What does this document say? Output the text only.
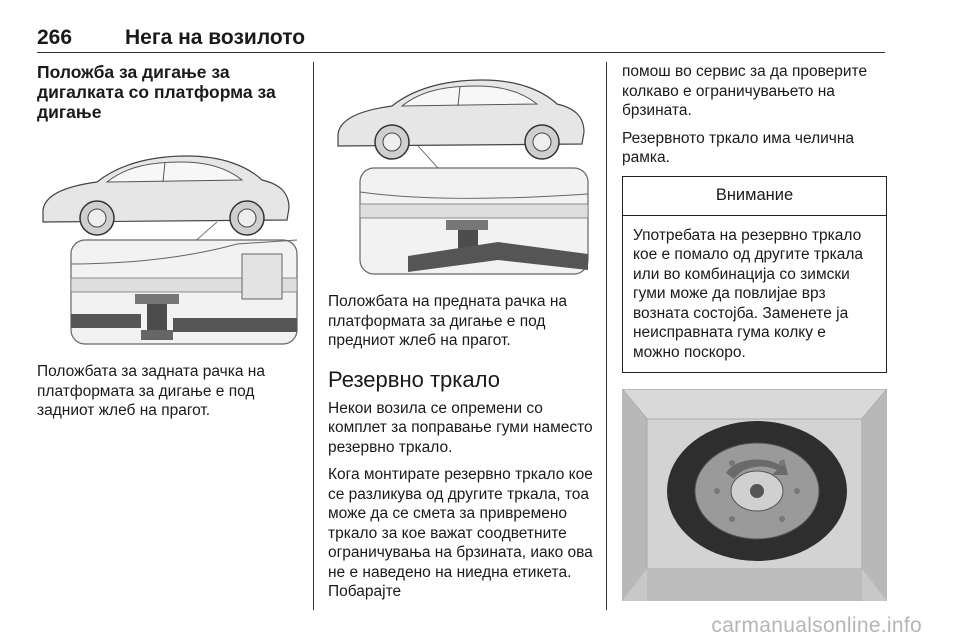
266	Нега на возилото

Положба за дигање за дигалката со платформа за дигање

Положбата за задната рачка на платформата за дигање е под задниот жлеб на прагот.

Положбата на предната рачка на платформата за дигање е под предниот жлеб на прагот.

Резервно тркало

Некои возила се опремени со комплет за поправање гуми наместо резервно тркало.

Кога монтирате резервно тркало кое се разликува од другите тркала, тоа може да се смета за привремено тркало за кое важат соодветните ограничувања на брзината, иако ова не е наведено на ниедна етикета. Побарајте

помош во сервис за да проверите колкаво е ограничувањето на брзината.

Резервното тркало има челична рамка.

Внимание
Употребата на резервно тркало кое е помало од другите тркала или во комбинација со зимски гуми може да повлијае врз возната состојба. Заменете ја неисправната гума колку е можно поскоро.
carmanualsonline.info
